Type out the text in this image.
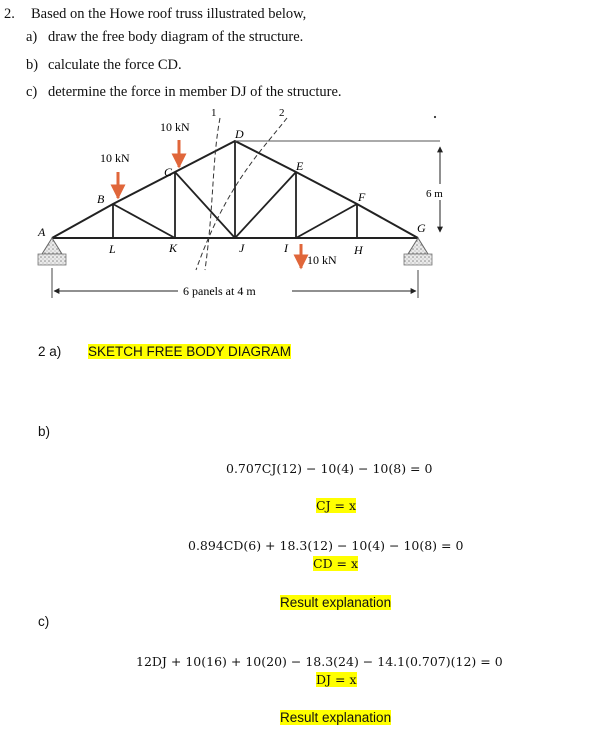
2. Based on the Howe roof truss illustrated below,
a) draw the free body diagram of the structure.
b) calculate the force CD.
c) determine the force in member DJ of the structure.
10 kN
10 kN
10 kN
1	2
A
B
C
D
E
F
G
H
I
J
K
L
6 m
6 panels at 4 m
2 a) SKETCH FREE BODY DIAGRAM
b)
0.707CJ(12) − 10(4) − 10(8) = 0
CJ = x
0.894CD(6) + 18.3(12) − 10(4) − 10(8) = 0
CD = x
Result explanation
c)
12DJ + 10(16) + 10(20) − 18.3(24) − 14.1(0.707)(12) = 0
DJ = x
Result explanation
